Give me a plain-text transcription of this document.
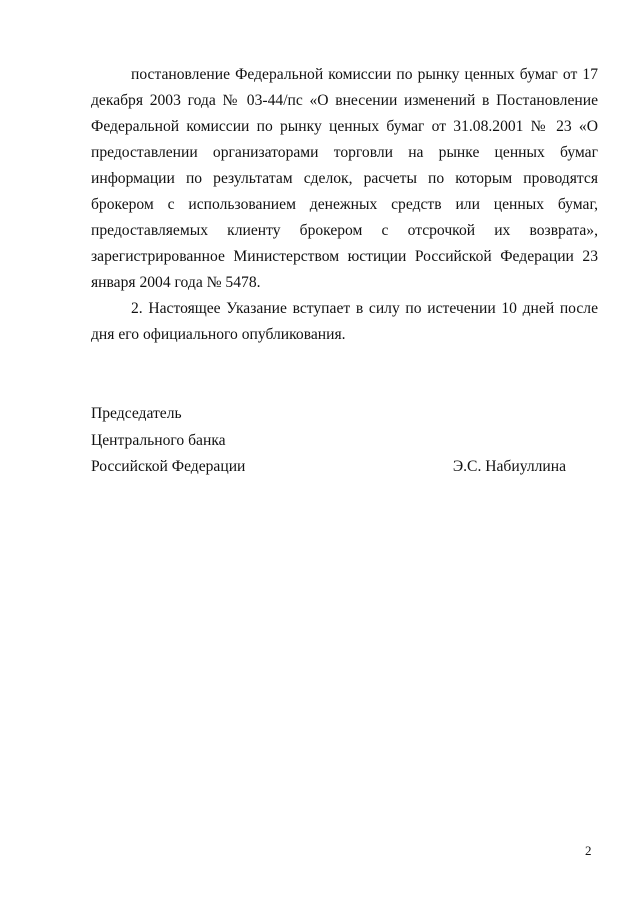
постановление Федеральной комиссии по рынку ценных бумаг от 17 декабря 2003 года № 03-44/пс «О внесении изменений в Постановление Федеральной комиссии по рынку ценных бумаг от 31.08.2001 № 23 «О предоставлении организаторами торговли на рынке ценных бумаг информации по результатам сделок, расчеты по которым проводятся брокером с использованием денежных средств или ценных бумаг, предоставляемых клиенту брокером с отсрочкой их возврата», зарегистрированное Министерством юстиции Российской Федерации 23 января 2004 года № 5478.

2. Настоящее Указание вступает в силу по истечении 10 дней после дня его официального опубликования.

Председатель
Центрального банка
Российской Федерации	Э.С. Набиуллина
2
